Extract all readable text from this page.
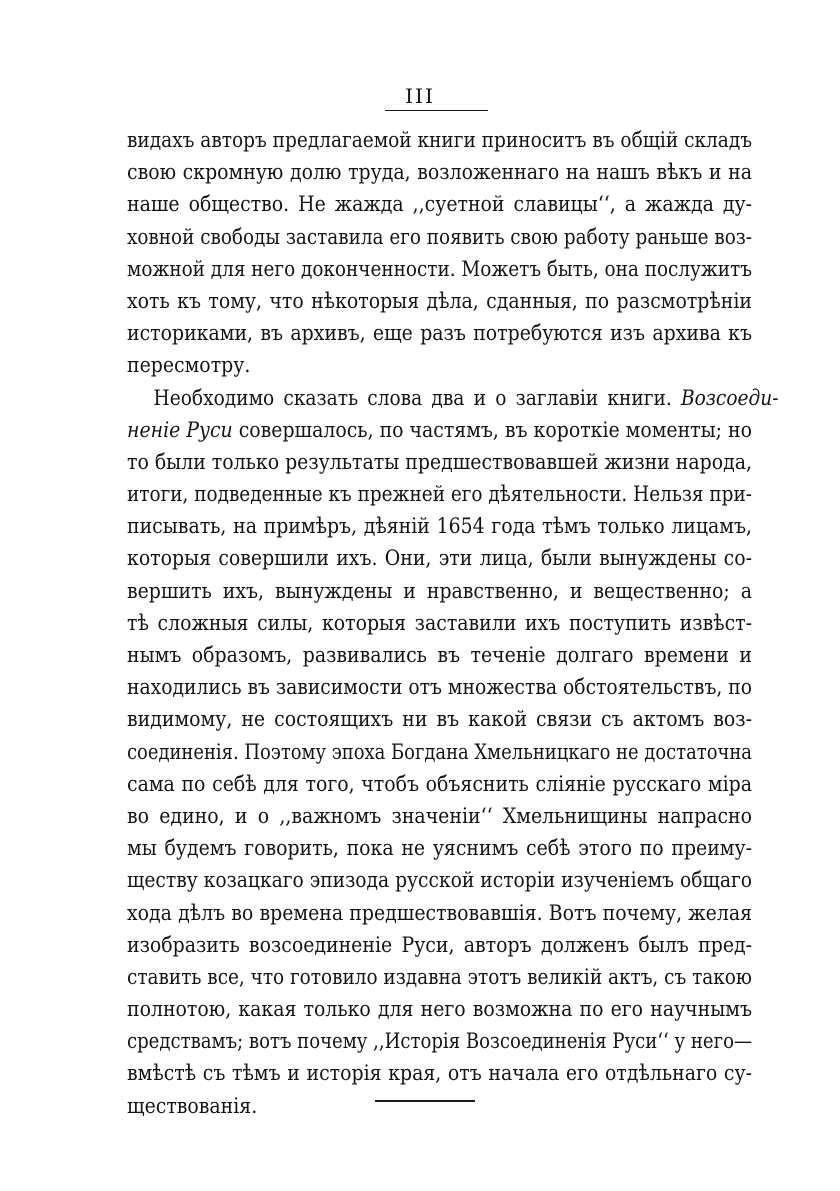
III
видахъ авторъ предлагаемой книги приноситъ въ общій складъ
свою скромную долю труда, возложеннаго на нашъ вѣкъ и на
наше общество. Не жажда ,,суетной славицы‘‘, а жажда ду-
ховной свободы заставила его появить свою работу раньше воз-
можной для него доконченности. Можетъ быть, она послужитъ
хоть къ тому, что нѣкоторыя дѣла, сданныя, по разсмотрѣніи
историками, въ архивъ, еще разъ потребуются изъ архива къ
пересмотру.
Необходимо сказать слова два и о заглавіи книги. Возсоеди-
неніе Руси совершалось, по частямъ, въ короткіе моменты; но
то были только результаты предшествовавшей жизни народа,
итоги, подведенные къ прежней его дѣятельности. Нельзя при-
писывать, на примѣръ, дѣяній 1654 года тѣмъ только лицамъ,
которыя совершили ихъ. Они, эти лица, были вынуждены со-
вершить ихъ, вынуждены и нравственно, и вещественно; а
тѣ сложныя силы, которыя заставили ихъ поступить извѣст-
нымъ образомъ, развивались въ теченіе долгаго времени и
находились въ зависимости отъ множества обстоятельствъ, по
видимому, не состоящихъ ни въ какой связи съ актомъ воз-
соединенія. Поэтому эпоха Богдана Хмельницкаго не достаточна
сама по себѣ для того, чтобъ объяснить сліяніе русскаго міра
во едино, и о ,,важномъ значеніи‘‘ Хмельнищины напрасно
мы будемъ говорить, пока не уяснимъ себѣ этого по преиму-
ществу козацкаго эпизода русской исторіи изученіемъ общаго
хода дѣлъ во времена предшествовавшія. Вотъ почему, желая
изобразить возсоединеніе Руси, авторъ долженъ былъ пред-
ставить все, что готовило издавна этотъ великій актъ, съ такою
полнотою, какая только для него возможна по его научнымъ
средствамъ; вотъ почему ,,Исторія Возсоединенія Руси‘‘ у него—
вмѣстѣ съ тѣмъ и исторія края, отъ начала его отдѣльнаго су-
ществованія.
